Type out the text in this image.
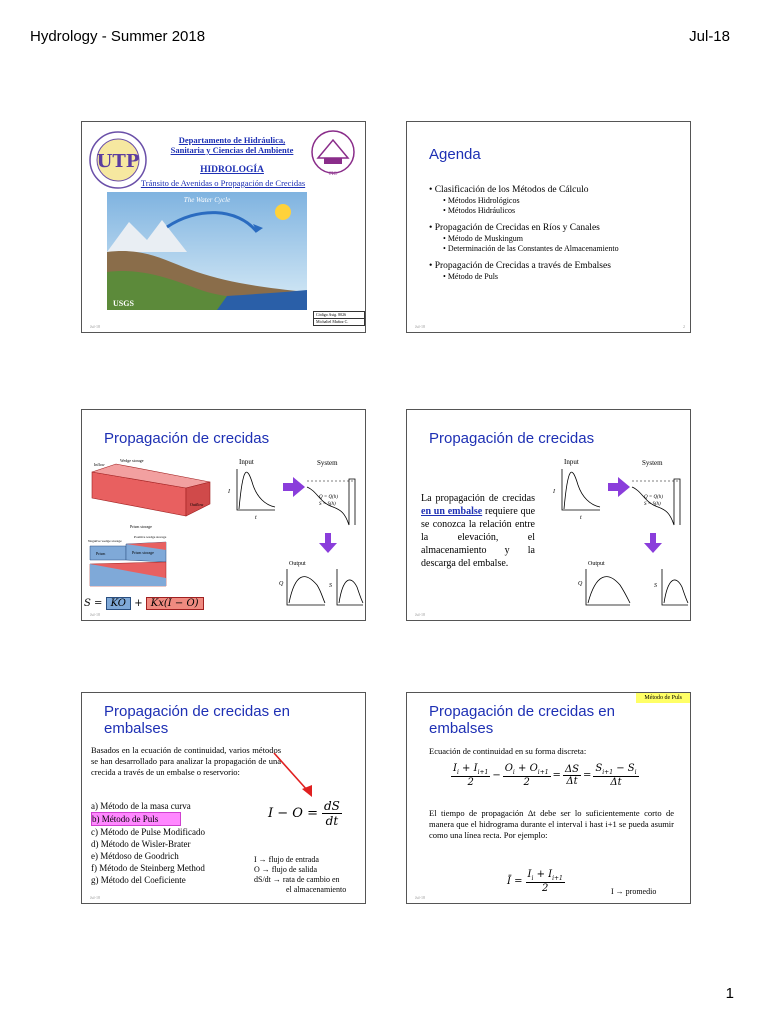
Hydrology - Summer 2018	Jul-18
UTP
Departamento de Hidráulica,
Sanitaria y Ciencias del Ambiente
FIC
HIDROLOGÍA
Tránsito de Avenidas o Propagación de Crecidas
The Water Cycle
USGS
Código Asig. 8026
Michaliel Muñoz C.
Jul-18
Agenda
• Clasificación de los Métodos de Cálculo
• Métodos Hidrológicos
• Métodos Hidráulicos
• Propagación de Crecidas en Ríos y Canales
• Método de Muskingum
• Determinación de las Constantes de Almacenamiento
• Propagación de Crecidas a través de Embalses
• Método de Puls
Jul-18	2
Propagación de crecidas
Inflow
Wedge storage
Outflow
Prism storage
Negative wedge storage
Positive wedge storage
Prism	Prism storage
S = KO + Kx(I − O)
Input
I
t
System
Q = Q(h)
S = S(h)
Output
Q	S
Jul-18
Propagación de crecidas
La propagación de crecidas en un embalse requiere que se conozca la relación entre la elevación, el almacenamiento y la descarga del embalse.
Input
I
t
System
Q = Q(h)
S = S(h)
Output
Q	S
Jul-18
Propagación de crecidas en
embalses
Basados en la ecuación de continuidad, varios métodos se han desarrollado para analizar la propagación de una crecida a través de un embalse o reservorio:
a) Método de la masa curva
b) Método de Puls
c) Método de Pulse Modificado
d) Método de Wisler-Brater
e) Métdoso de Goodrich
f) Método de Steinberg Method
g) Método del Coeficiente
$I - O = \frac{dS}{dt}$
I → flujo de entrada
O → flujo de salida
dS/dt → rata de cambio en
el almacenamiento
Jul-18
Método de Puls
Propagación de crecidas en
embalses
Ecuación de continuidad en su forma discreta:
$I_i + I_{i+1}$
2
− $\frac{O_i + O_{i+1}}{2} = \frac{\Delta S}{\Delta t} = \frac{S_{i+1} - S_i}{\Delta t}$
El tiempo de propagación Δt debe ser lo suficientemente corto de manera que el hidrograma durante el interval i hast i+1 se pueda asumir como una línea recta. Por ejemplo:
Ī = $\frac{I_i + I_{i+1}}{2}$	I → promedio
Jul-18
1
